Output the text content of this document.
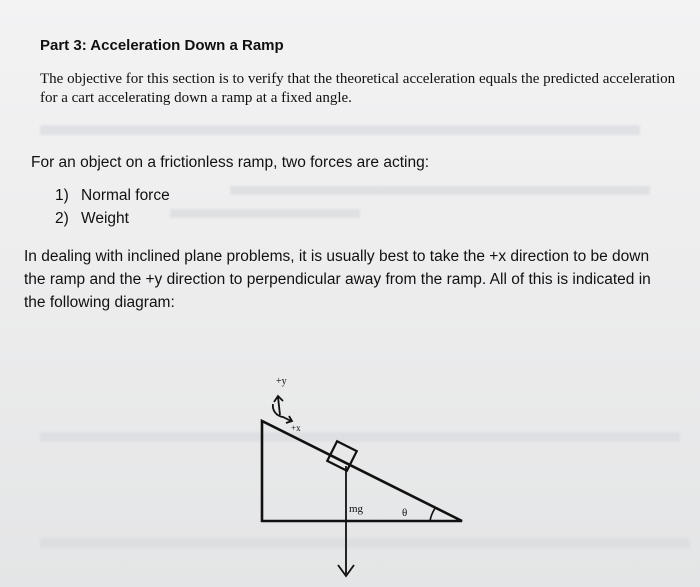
Part 3: Acceleration Down a Ramp
The objective for this section is to verify that the theoretical acceleration equals the predicted acceleration
for a cart accelerating down a ramp at a fixed angle.
For an object on a frictionless ramp, two forces are acting:
1) Normal force
2) Weight
In dealing with inclined plane problems, it is usually best to take the +x direction to be down
the ramp and the +y direction to perpendicular away from the ramp. All of this is indicated in
the following diagram:
+y
+x
mg	θ
